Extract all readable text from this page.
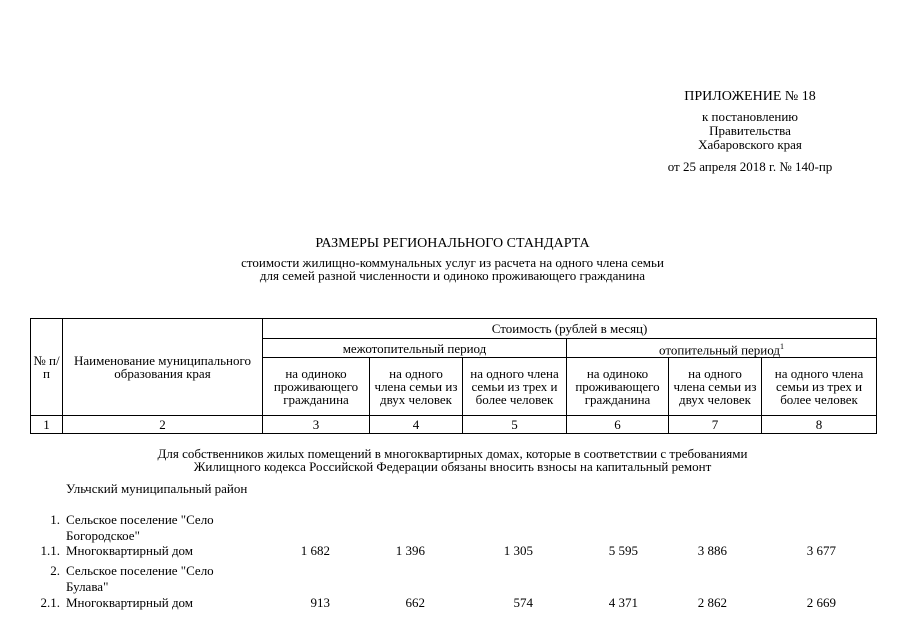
ПРИЛОЖЕНИЕ № 18
к постановлению
Правительства
Хабаровского края
от 25 апреля 2018 г. № 140-пр
РАЗМЕРЫ РЕГИОНАЛЬНОГО СТАНДАРТА
стоимости жилищно-коммунальных услуг из расчета на одного члена семьи
для семей разной численности и одиноко проживающего гражданина
№ п/п	Наименование муниципального образования края	Стоимость (рублей в месяц)					
		межотопительный период			отопительный период$^1$
		на одиноко проживающего гражданина	на одного члена семьи из двух человек	на одного члена семьи из трех и более человек	на одиноко проживающего гражданина	на одного члена семьи из двух человек	на одного члена семьи из трех и более человек
1	2	3	4	5	6	7	8
Для собственников жилых помещений в многоквартирных домах, которые в соответствии с требованиями
Жилищного кодекса Российской Федерации обязаны вносить взносы на капитальный ремонт
Ульчский муниципальный район
1. Сельское поселение "Село Богородское"
1.1. Многоквартирный дом	1 682	1 396	1 305	5 595	3 886	3 677
2. Сельское поселение "Село Булава"
2.1. Многоквартирный дом	913	662	574	4 371	2 862	2 669
